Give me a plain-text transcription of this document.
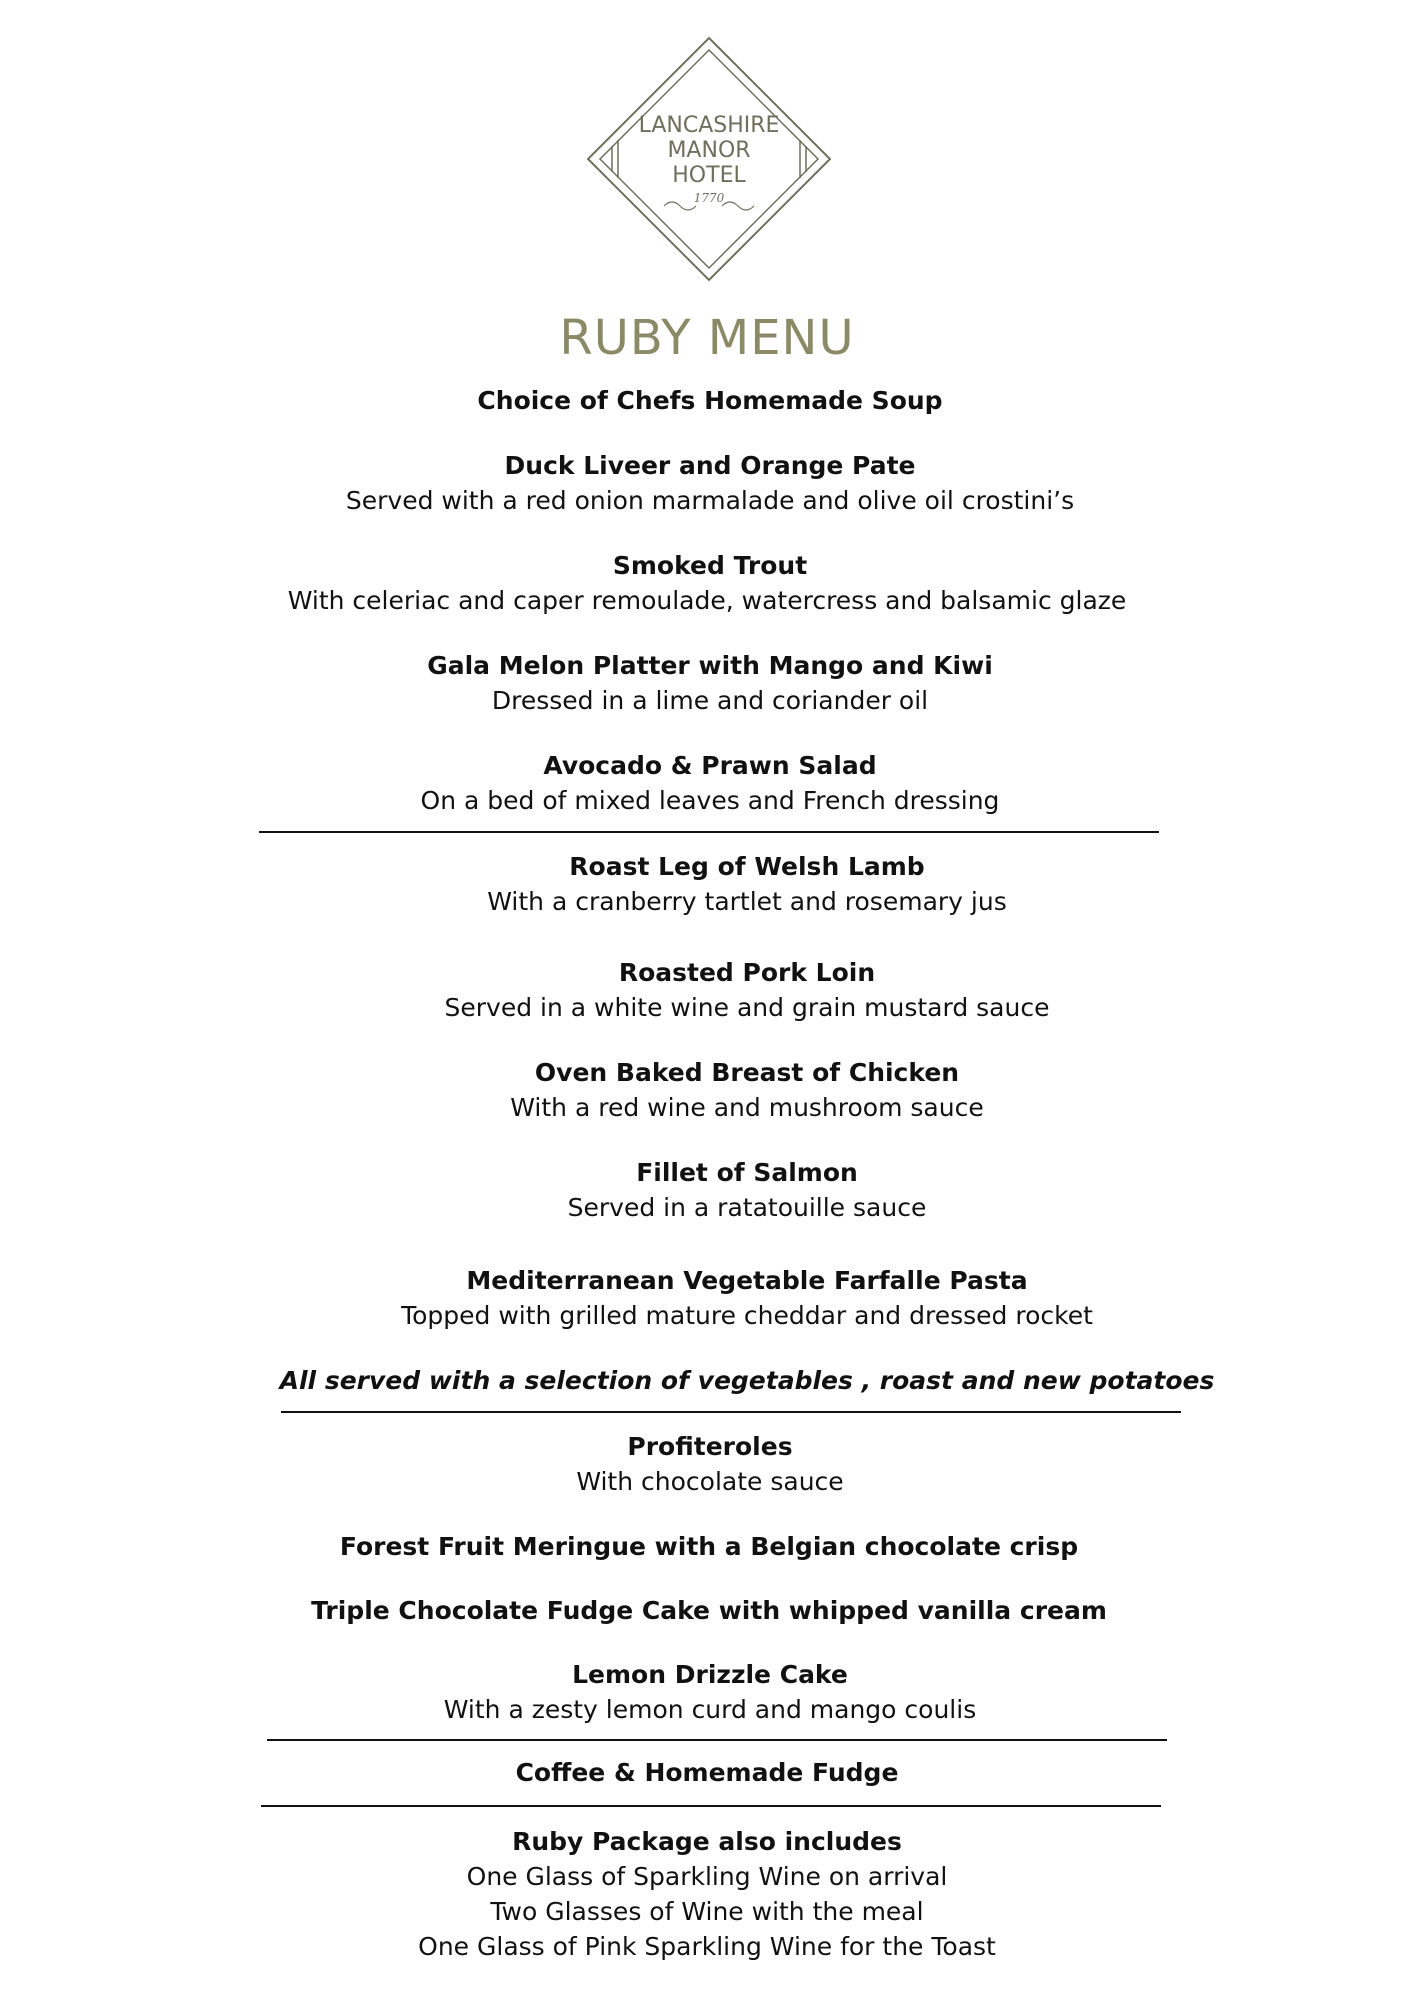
LANCASHIRE
MANOR
HOTEL
1770
RUBY MENU
Choice of Chefs Homemade Soup
Duck Liveer and Orange Pate
Served with a red onion marmalade and olive oil crostini’s
Smoked Trout
With celeriac and caper remoulade, watercress and balsamic glaze
Gala Melon Platter with Mango and Kiwi
Dressed in a lime and coriander oil
Avocado & Prawn Salad
On a bed of mixed leaves and French dressing
Roast Leg of Welsh Lamb
With a cranberry tartlet and rosemary jus
Roasted Pork Loin
Served in a white wine and grain mustard sauce
Oven Baked Breast of Chicken
With a red wine and mushroom sauce
Fillet of Salmon
Served in a ratatouille sauce
Mediterranean Vegetable Farfalle Pasta
Topped with grilled mature cheddar and dressed rocket
All served with a selection of vegetables , roast and new potatoes
Profiteroles
With chocolate sauce
Forest Fruit Meringue with a Belgian chocolate crisp
Triple Chocolate Fudge Cake with whipped vanilla cream
Lemon Drizzle Cake
With a zesty lemon curd and mango coulis
Coffee & Homemade Fudge
Ruby Package also includes
One Glass of Sparkling Wine on arrival
Two Glasses of Wine with the meal
One Glass of Pink Sparkling Wine for the Toast
